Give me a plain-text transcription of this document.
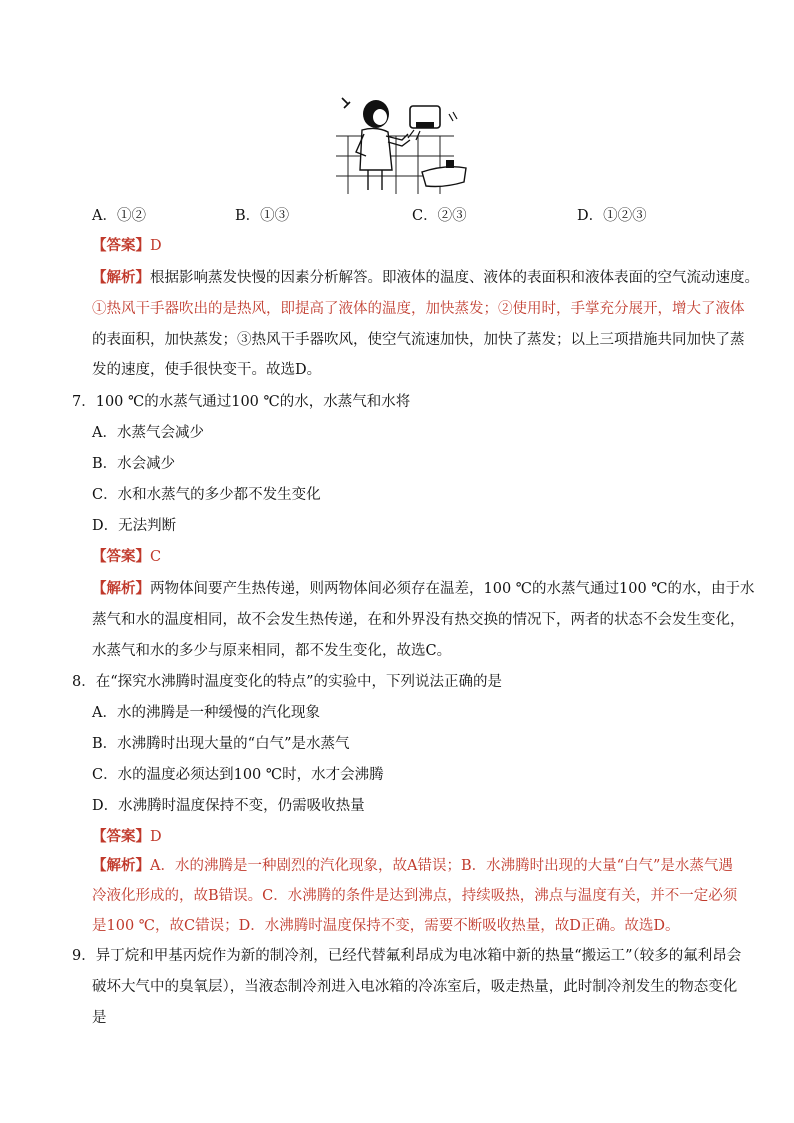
A．①②	B．①③	C．②③	D．①②③
【答案】D
【解析】根据影响蒸发快慢的因素分析解答。即液体的温度、液体的表面积和液体表面的空气流动速度。
①热风干手器吹出的是热风，即提高了液体的温度，加快蒸发；②使用时，手掌充分展开，增大了液体
的表面积，加快蒸发；③热风干手器吹风，使空气流速加快，加快了蒸发；以上三项措施共同加快了蒸
发的速度，使手很快变干。故选D。
7．100 ℃的水蒸气通过100 ℃的水，水蒸气和水将
A．水蒸气会减少
B．水会减少
C．水和水蒸气的多少都不发生变化
D．无法判断
【答案】C
【解析】两物体间要产生热传递，则两物体间必须存在温差，100 ℃的水蒸气通过100 ℃的水，由于水
蒸气和水的温度相同，故不会发生热传递，在和外界没有热交换的情况下，两者的状态不会发生变化，
水蒸气和水的多少与原来相同，都不发生变化，故选C。
8．在“探究水沸腾时温度变化的特点”的实验中，下列说法正确的是
A．水的沸腾是一种缓慢的汽化现象
B．水沸腾时出现大量的“白气”是水蒸气
C．水的温度必须达到100 ℃时，水才会沸腾
D．水沸腾时温度保持不变，仍需吸收热量
【答案】D
【解析】A．水的沸腾是一种剧烈的汽化现象，故A错误；B．水沸腾时出现的大量“白气”是水蒸气遇
冷液化形成的，故B错误。C．水沸腾的条件是达到沸点，持续吸热，沸点与温度有关，并不一定必须
是100 ℃，故C错误；D．水沸腾时温度保持不变，需要不断吸收热量，故D正确。故选D。
9．异丁烷和甲基丙烷作为新的制冷剂，已经代替氟利昂成为电冰箱中新的热量“搬运工”（较多的氟利昂会
破坏大气中的臭氧层），当液态制冷剂进入电冰箱的冷冻室后，吸走热量，此时制冷剂发生的物态变化
是
